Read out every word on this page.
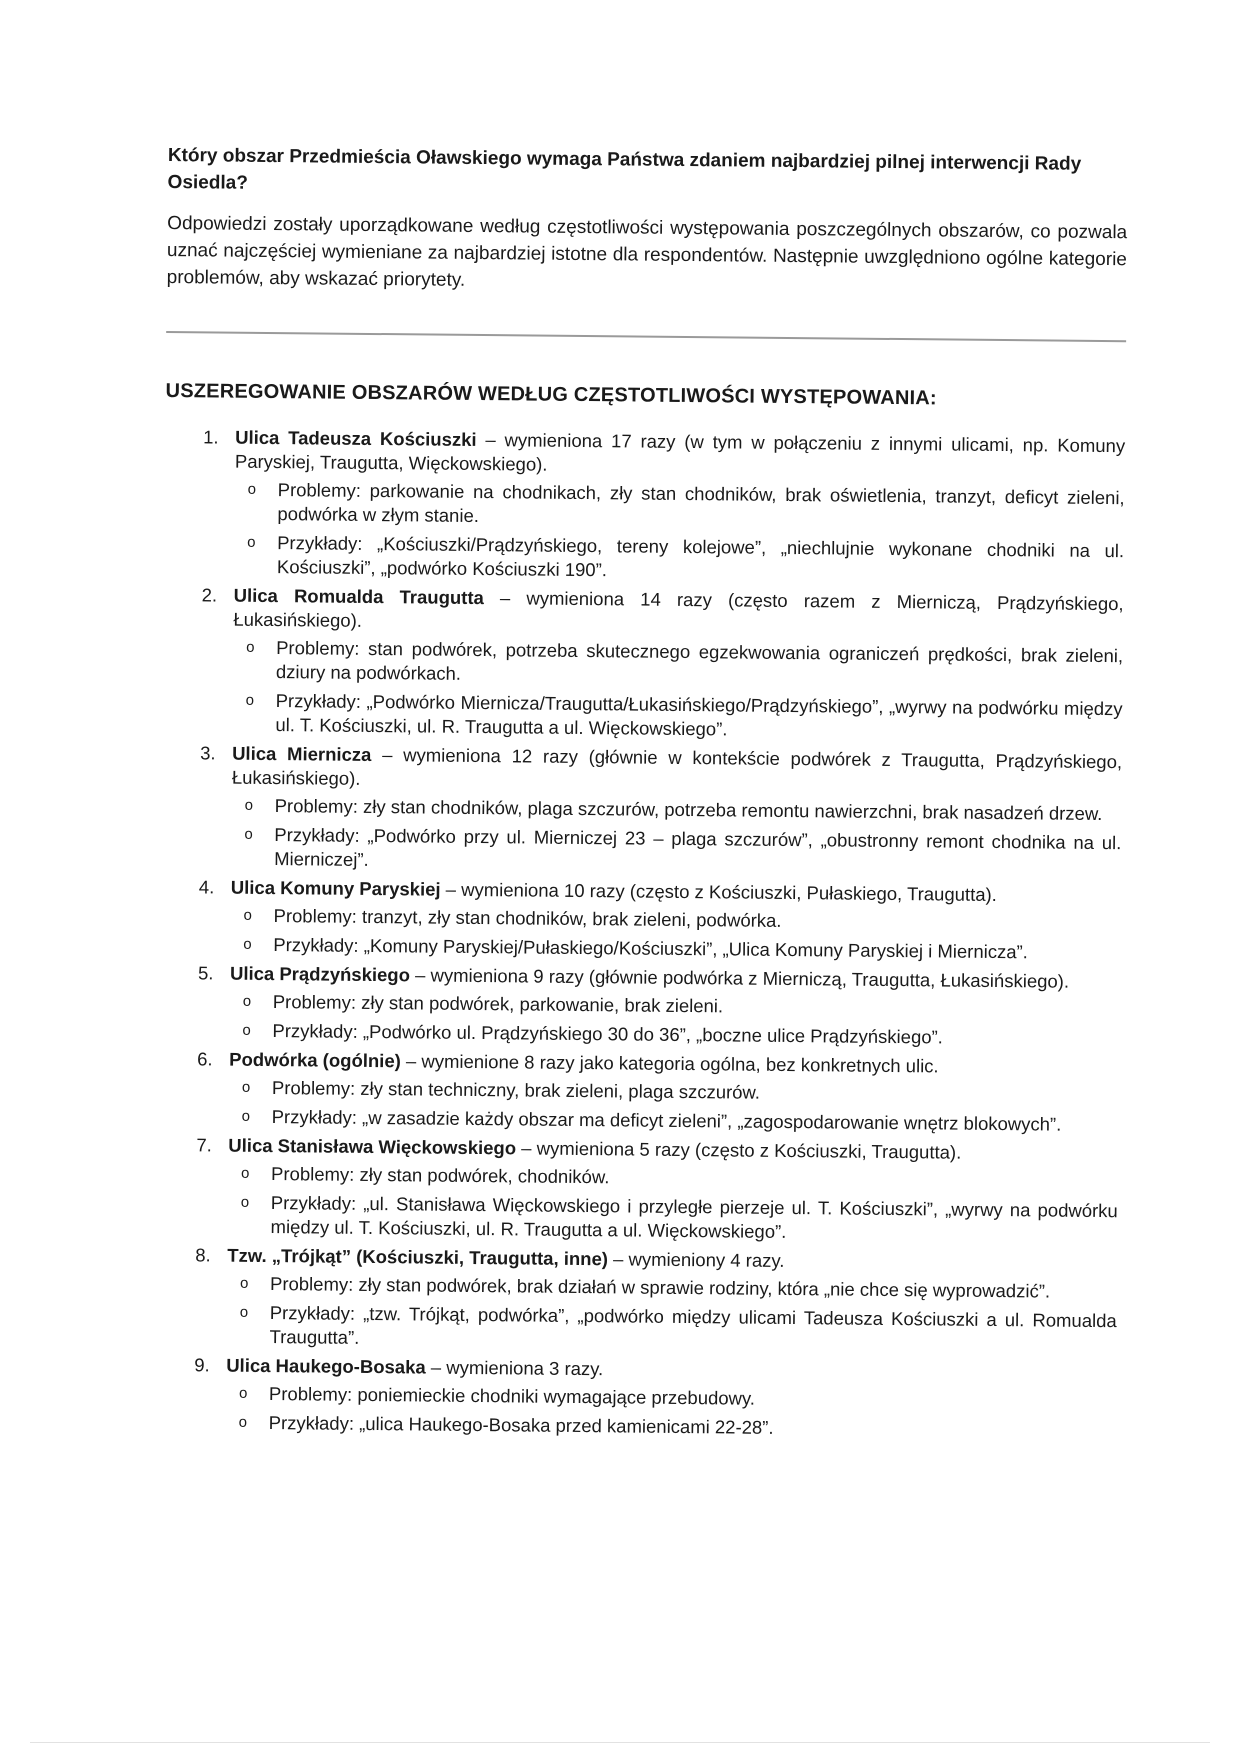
Który obszar Przedmieścia Oławskiego wymaga Państwa zdaniem najbardziej pilnej interwencji Rady Osiedla?

Odpowiedzi zostały uporządkowane według częstotliwości występowania poszczególnych obszarów, co pozwala uznać najczęściej wymieniane za najbardziej istotne dla respondentów. Następnie uwzględniono ogólne kategorie problemów, aby wskazać priorytety.

USZEREGOWANIE OBSZARÓW WEDŁUG CZĘSTOTLIWOŚCI WYSTĘPOWANIA:
1. Ulica Tadeusza Kościuszki – wymieniona 17 razy (w tym w połączeniu z innymi ulicami, np. Komuny Paryskiej, Traugutta, Więckowskiego).
o Problemy: parkowanie na chodnikach, zły stan chodników, brak oświetlenia, tranzyt, deficyt zieleni, podwórka w złym stanie.
o Przykłady: „Kościuszki/Prądzyńskiego, tereny kolejowe”, „niechlujnie wykonane chodniki na ul. Kościuszki”, „podwórko Kościuszki 190”.
2. Ulica Romualda Traugutta – wymieniona 14 razy (często razem z Mierniczą, Prądzyńskiego, Łukasińskiego).
o Problemy: stan podwórek, potrzeba skutecznego egzekwowania ograniczeń prędkości, brak zieleni, dziury na podwórkach.
o Przykłady: „Podwórko Miernicza/Traugutta/Łukasińskiego/Prądzyńskiego”, „wyrwy na podwórku między ul. T. Kościuszki, ul. R. Traugutta a ul. Więckowskiego”.
3. Ulica Miernicza – wymieniona 12 razy (głównie w kontekście podwórek z Traugutta, Prądzyńskiego, Łukasińskiego).
o Problemy: zły stan chodników, plaga szczurów, potrzeba remontu nawierzchni, brak nasadzeń drzew.
o Przykłady: „Podwórko przy ul. Mierniczej 23 – plaga szczurów”, „obustronny remont chodnika na ul. Mierniczej”.
4. Ulica Komuny Paryskiej – wymieniona 10 razy (często z Kościuszki, Pułaskiego, Traugutta).
o Problemy: tranzyt, zły stan chodników, brak zieleni, podwórka.
o Przykłady: „Komuny Paryskiej/Pułaskiego/Kościuszki”, „Ulica Komuny Paryskiej i Miernicza”.
5. Ulica Prądzyńskiego – wymieniona 9 razy (głównie podwórka z Mierniczą, Traugutta, Łukasińskiego).
o Problemy: zły stan podwórek, parkowanie, brak zieleni.
o Przykłady: „Podwórko ul. Prądzyńskiego 30 do 36”, „boczne ulice Prądzyńskiego”.
6. Podwórka (ogólnie) – wymienione 8 razy jako kategoria ogólna, bez konkretnych ulic.
o Problemy: zły stan techniczny, brak zieleni, plaga szczurów.
o Przykłady: „w zasadzie każdy obszar ma deficyt zieleni”, „zagospodarowanie wnętrz blokowych”.
7. Ulica Stanisława Więckowskiego – wymieniona 5 razy (często z Kościuszki, Traugutta).
o Problemy: zły stan podwórek, chodników.
o Przykłady: „ul. Stanisława Więckowskiego i przyległe pierzeje ul. T. Kościuszki”, „wyrwy na podwórku między ul. T. Kościuszki, ul. R. Traugutta a ul. Więckowskiego”.
8. Tzw. „Trójkąt” (Kościuszki, Traugutta, inne) – wymieniony 4 razy.
o Problemy: zły stan podwórek, brak działań w sprawie rodziny, która „nie chce się wyprowadzić”.
o Przykłady: „tzw. Trójkąt, podwórka”, „podwórko między ulicami Tadeusza Kościuszki a ul. Romualda Traugutta”.
9. Ulica Haukego-Bosaka – wymieniona 3 razy.
o Problemy: poniemieckie chodniki wymagające przebudowy.
o Przykłady: „ulica Haukego-Bosaka przed kamienicami 22-28”.
